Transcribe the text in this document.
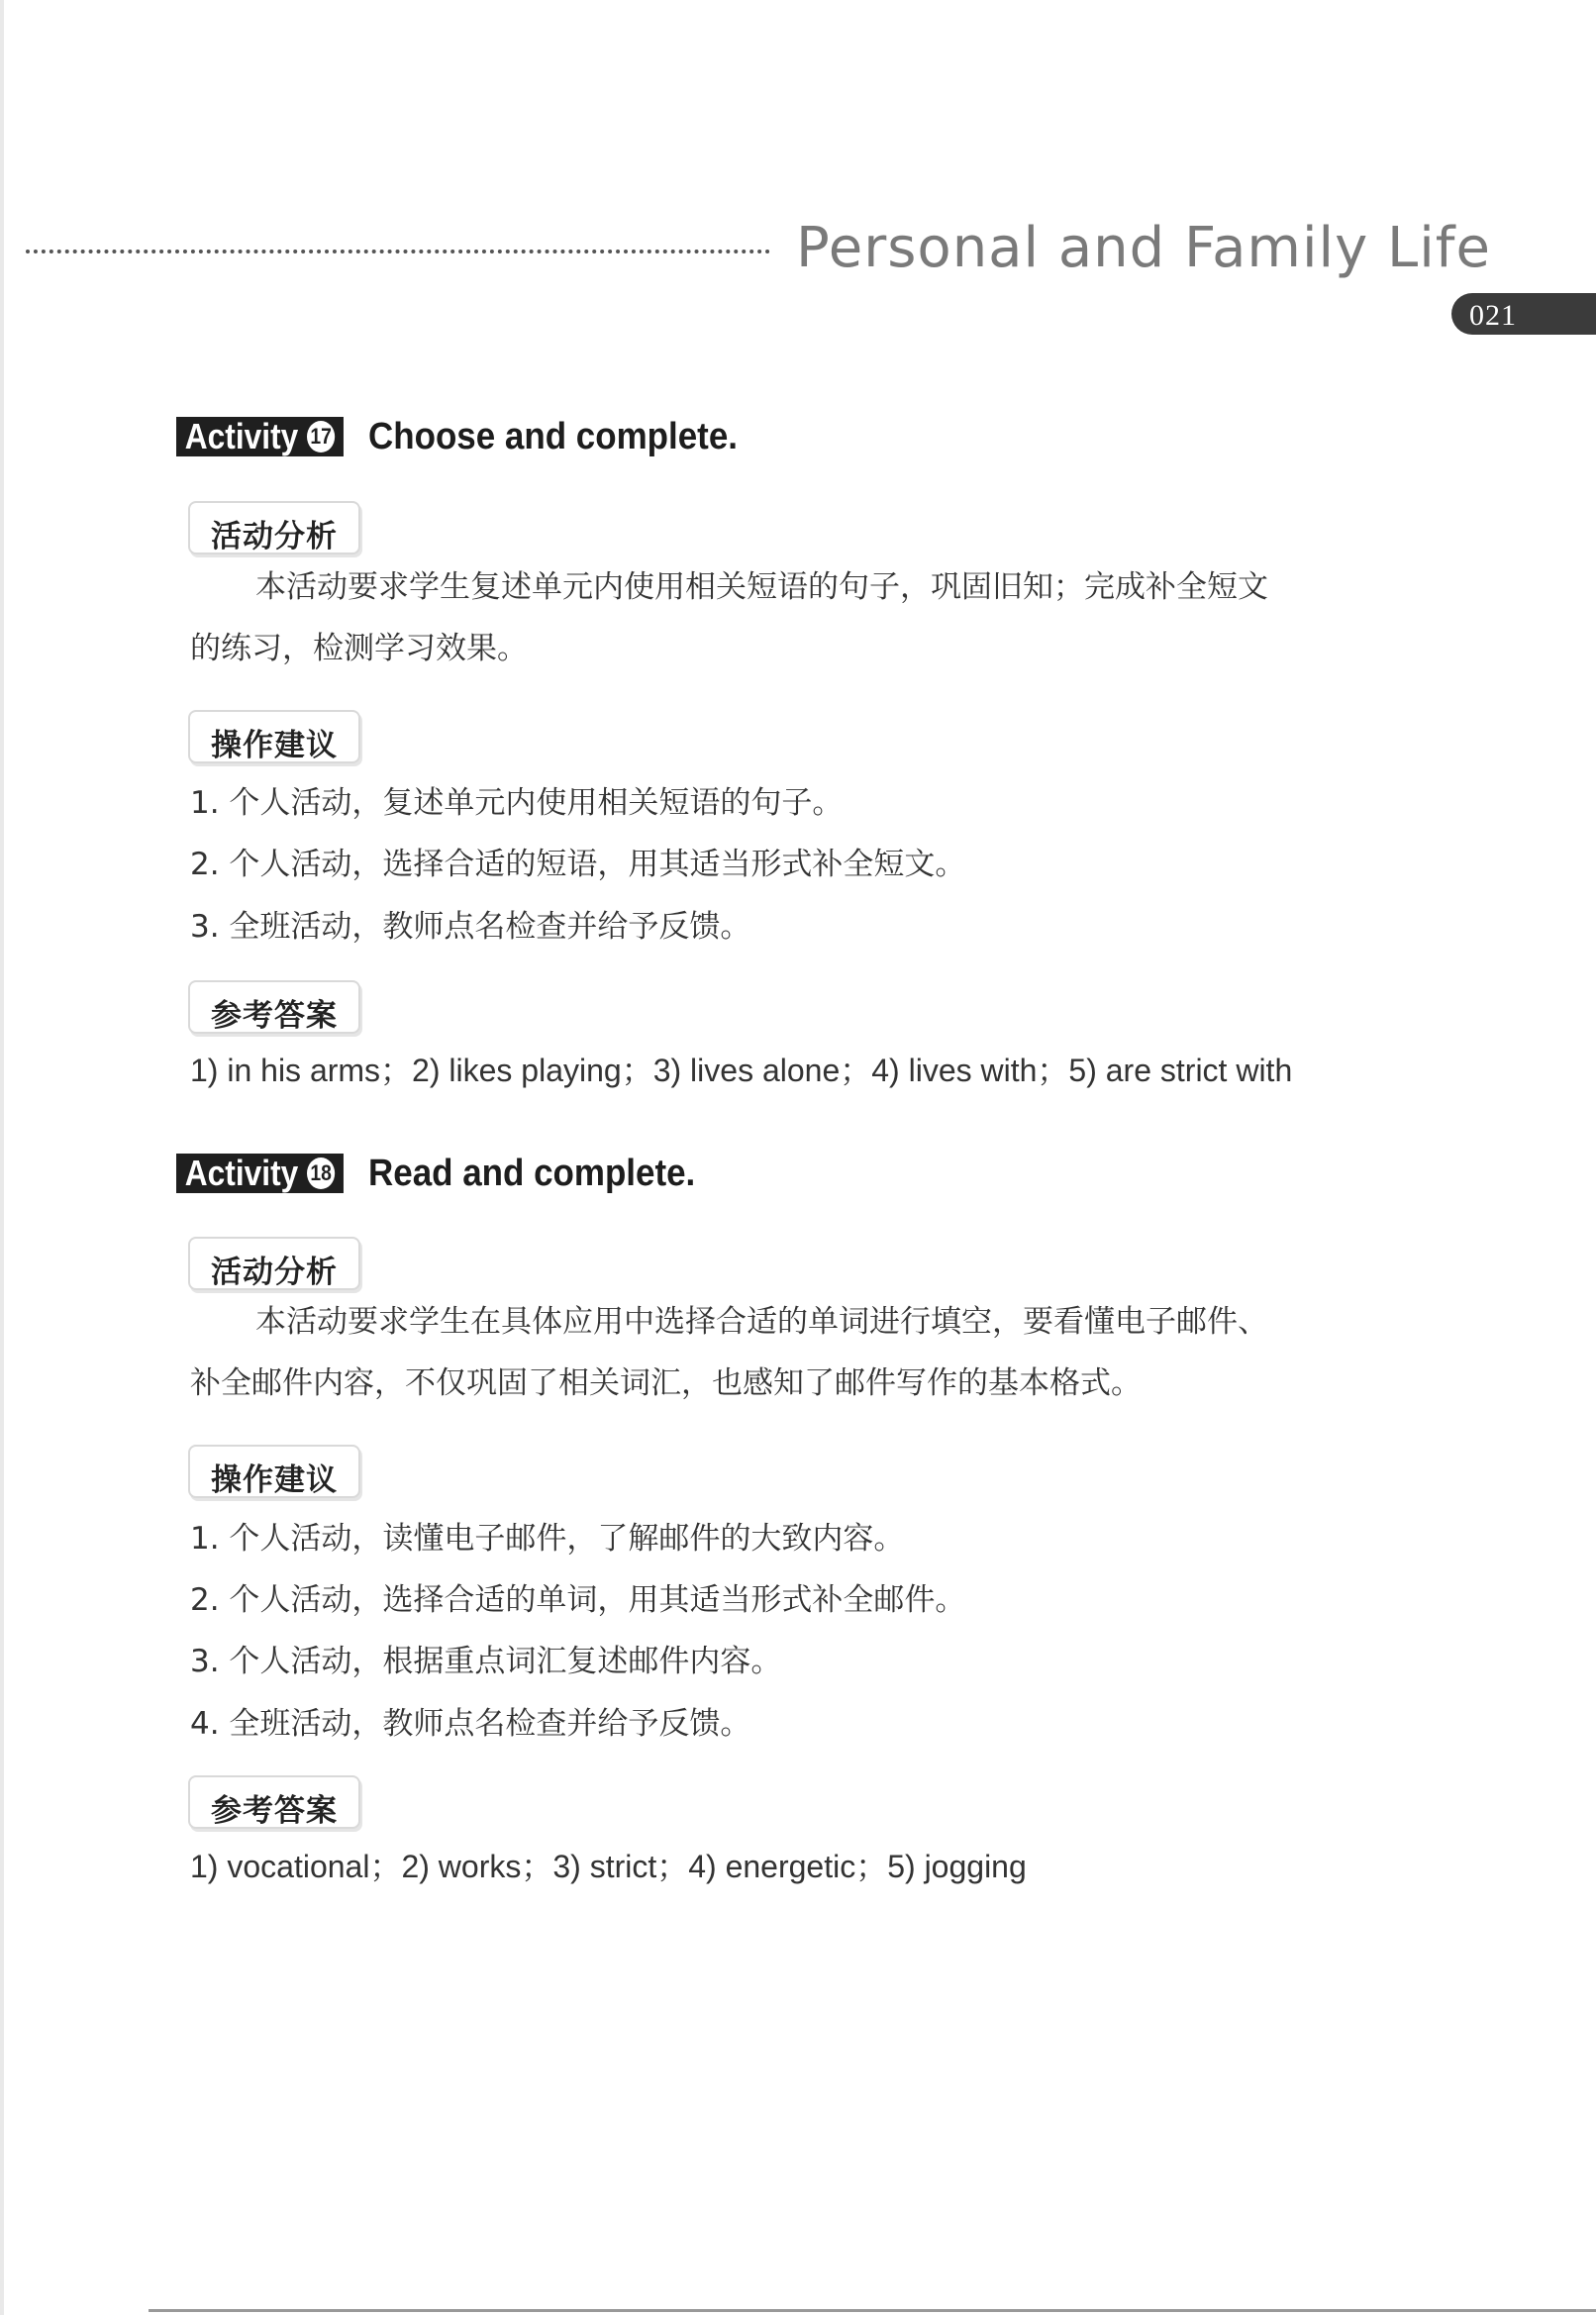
Personal and Family Life
021
Activity 17 Choose and complete.
活动分析
本活动要求学生复述单元内使用相关短语的句子，巩固旧知；完成补全短文
的练习，检测学习效果。
操作建议
1. 个人活动，复述单元内使用相关短语的句子。
2. 个人活动，选择合适的短语，用其适当形式补全短文。
3. 全班活动，教师点名检查并给予反馈。
参考答案
1) in his arms；2) likes playing；3) lives alone；4) lives with；5) are strict with
Activity 18 Read and complete.
活动分析
本活动要求学生在具体应用中选择合适的单词进行填空，要看懂电子邮件、
补全邮件内容，不仅巩固了相关词汇，也感知了邮件写作的基本格式。
操作建议
1. 个人活动，读懂电子邮件，了解邮件的大致内容。
2. 个人活动，选择合适的单词，用其适当形式补全邮件。
3. 个人活动，根据重点词汇复述邮件内容。
4. 全班活动，教师点名检查并给予反馈。
参考答案
1) vocational；2) works；3) strict；4) energetic；5) jogging
